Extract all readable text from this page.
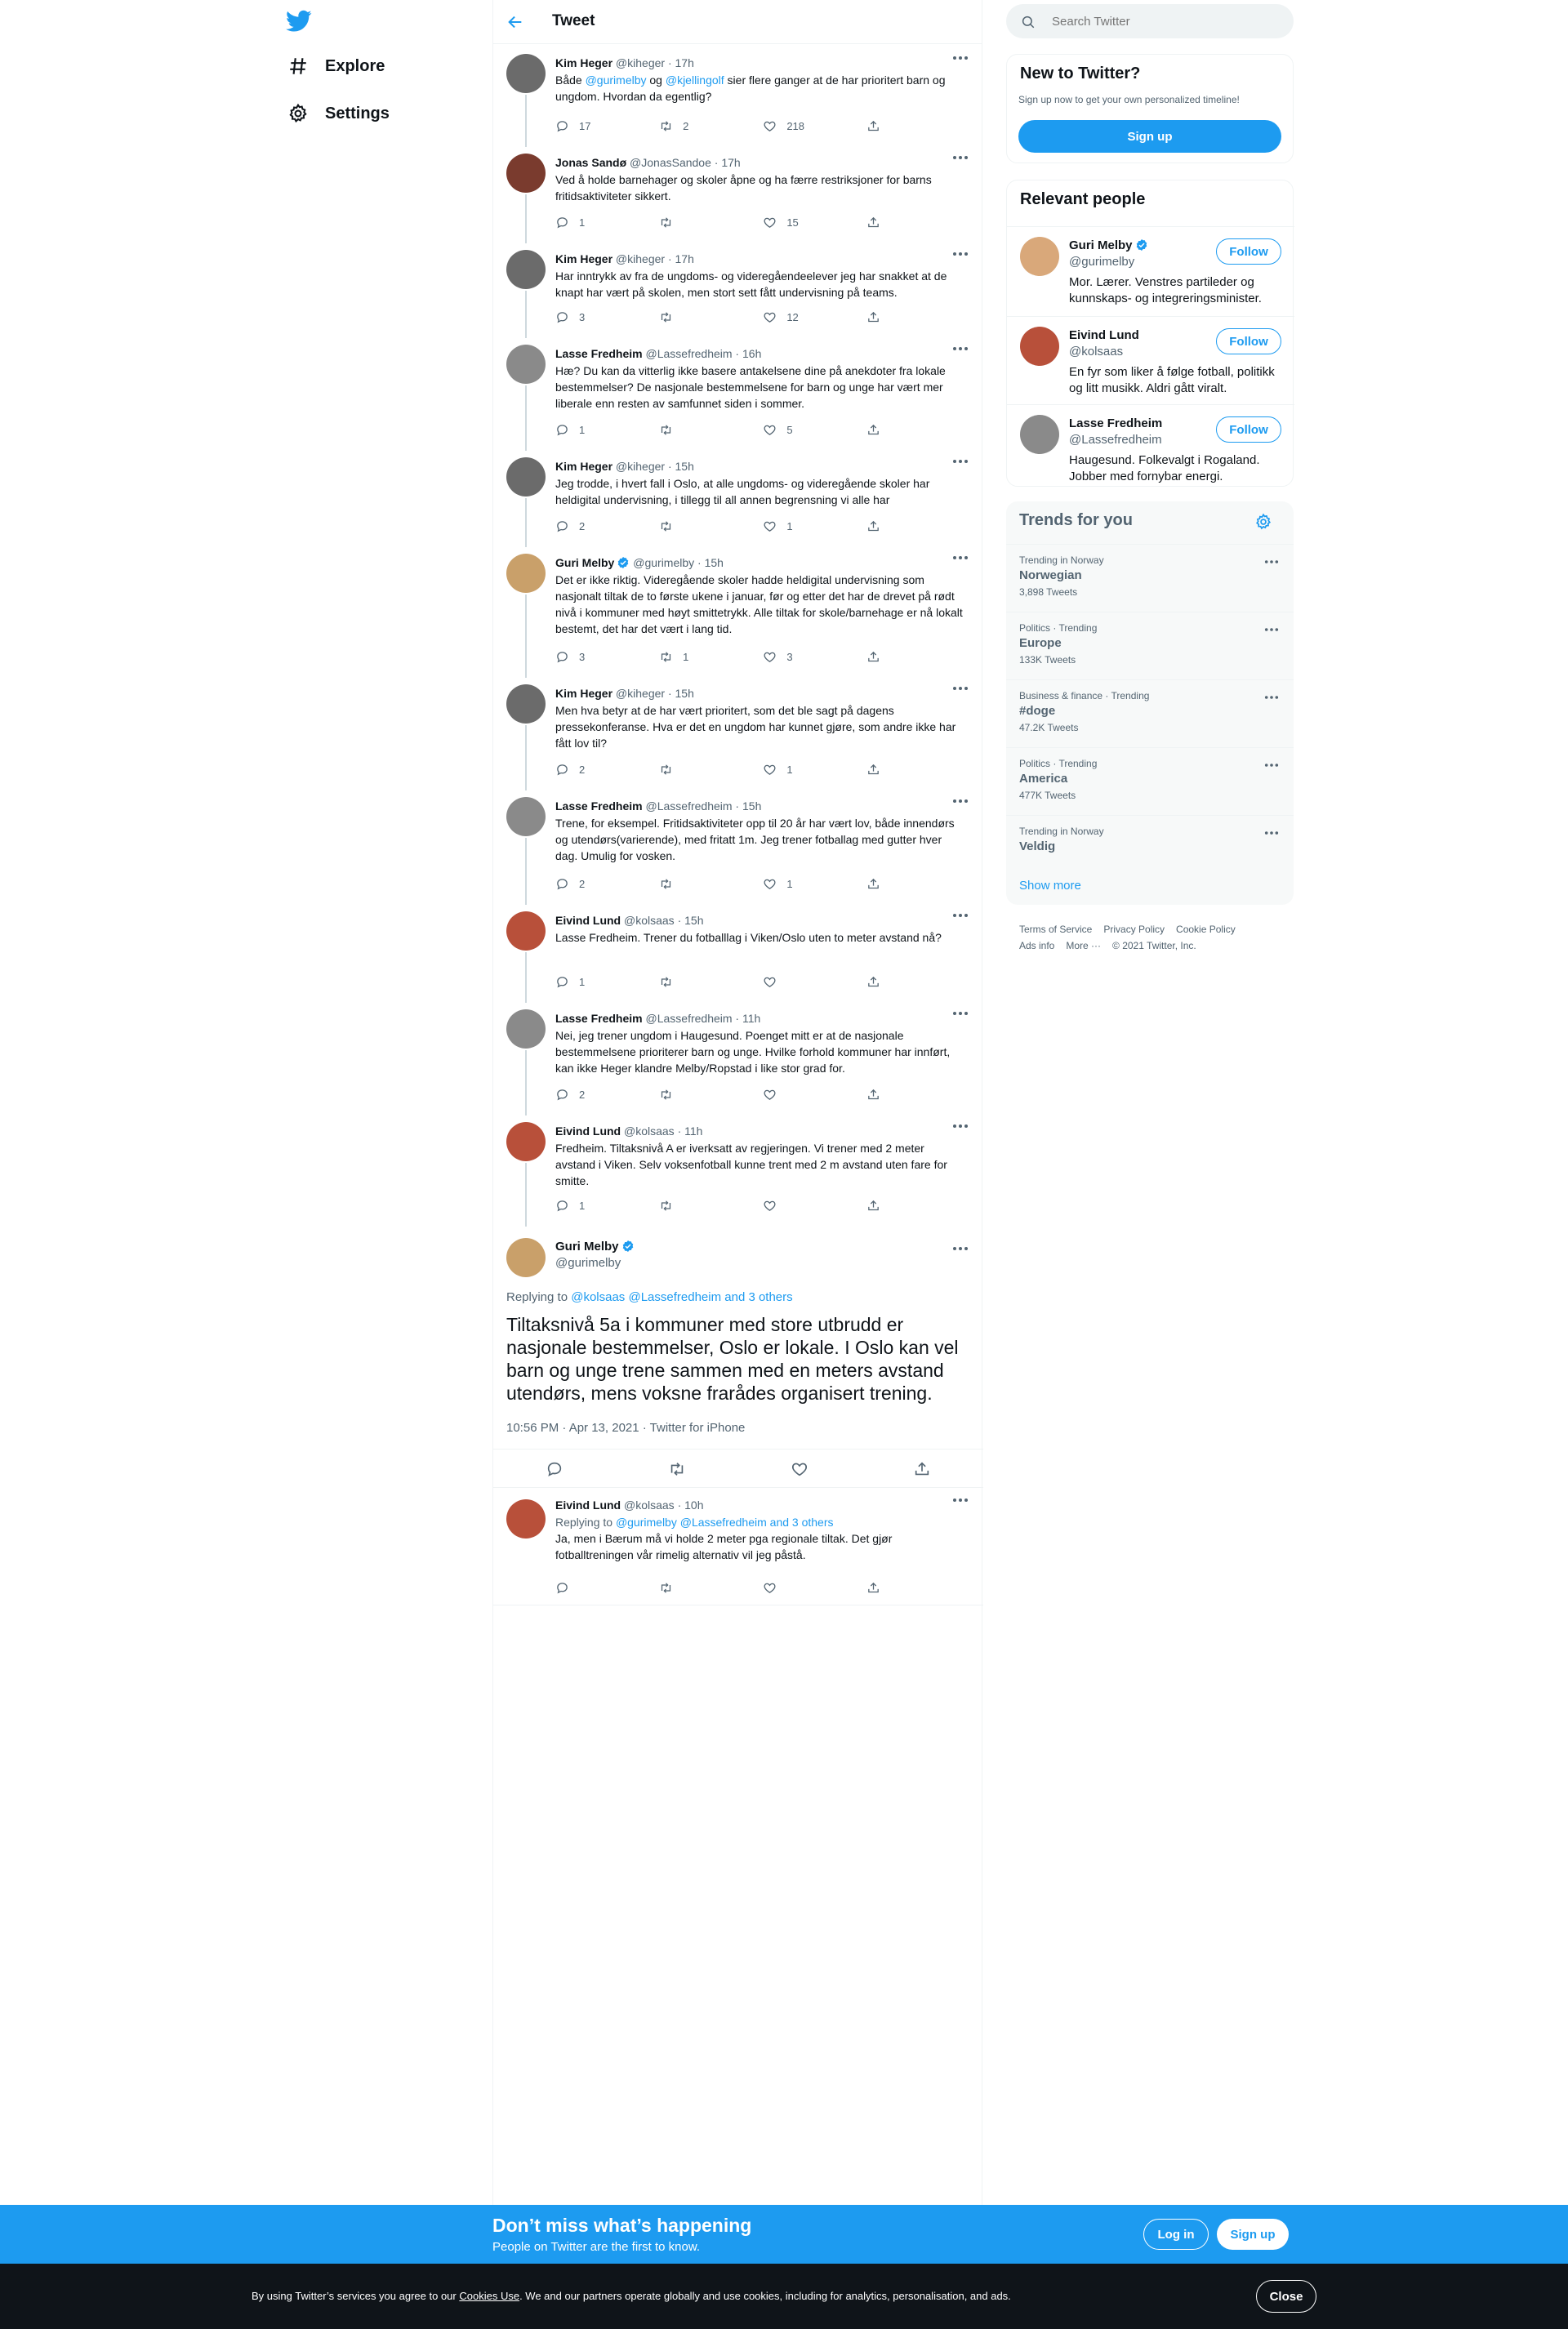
Explore
Settings
Tweet
Kim Heger @kiheger · 17h
Både @gurimelby og @kjellingolf sier flere ganger at de har prioritert barn og ungdom. Hvordan da egentlig?
17	2	218
Jonas Sandø @JonasSandoe · 17h
Ved å holde barnehager og skoler åpne og ha færre restriksjoner for barns fritidsaktiviteter sikkert.
1	15
Kim Heger @kiheger · 17h
Har inntrykk av fra de ungdoms- og videregåendeelever jeg har snakket at de knapt har vært på skolen, men stort sett fått undervisning på teams.
3	12
Lasse Fredheim @Lassefredheim · 16h
Hæ? Du kan da vitterlig ikke basere antakelsene dine på anekdoter fra lokale bestemmelser? De nasjonale bestemmelsene for barn og unge har vært mer liberale enn resten av samfunnet siden i sommer.
1	5
Kim Heger @kiheger · 15h
Jeg trodde, i hvert fall i Oslo, at alle ungdoms- og videregående skoler har heldigital undervisning, i tillegg til all annen begrensning vi alle har
2	1
Guri Melby @gurimelby · 15h
Det er ikke riktig. Videregående skoler hadde heldigital undervisning som nasjonalt tiltak de to første ukene i januar, før og etter det har de drevet på rødt nivå i kommuner med høyt smittetrykk. Alle tiltak for skole/barnehage er nå lokalt bestemt, det har det vært i lang tid.
3	1	3
Kim Heger @kiheger · 15h
Men hva betyr at de har vært prioritert, som det ble sagt på dagens pressekonferanse. Hva er det en ungdom har kunnet gjøre, som andre ikke har fått lov til?
2	1
Lasse Fredheim @Lassefredheim · 15h
Trene, for eksempel. Fritidsaktiviteter opp til 20 år har vært lov, både innendørs og utendørs(varierende), med fritatt 1m. Jeg trener fotballag med gutter hver dag. Umulig for vosken.
2	1
Eivind Lund @kolsaas · 15h
Lasse Fredheim. Trener du fotballlag i Viken/Oslo uten to meter avstand nå?
1
Lasse Fredheim @Lassefredheim · 11h
Nei, jeg trener ungdom i Haugesund. Poenget mitt er at de nasjonale bestemmelsene prioriterer barn og unge. Hvilke forhold kommuner har innført, kan ikke Heger klandre Melby/Ropstad i like stor grad for.
2
Eivind Lund @kolsaas · 11h
Fredheim. Tiltaksnivå A er iverksatt av regjeringen. Vi trener med 2 meter avstand i Viken. Selv voksenfotball kunne trent med 2 m avstand uten fare for smitte.
1
Guri Melby
@gurimelby
Replying to @kolsaas @Lassefredheim and 3 others
Tiltaksnivå 5a i kommuner med store utbrudd er nasjonale bestemmelser, Oslo er lokale. I Oslo kan vel barn og unge trene sammen med en meters avstand utendørs, mens voksne frarådes organisert trening.
10:56 PM · Apr 13, 2021 · Twitter for iPhone
Eivind Lund @kolsaas · 10h
Replying to @gurimelby @Lassefredheim and 3 others
Ja, men i Bærum må vi holde 2 meter pga regionale tiltak. Det gjør fotballtreningen vår rimelig alternativ vil jeg påstå.
Search Twitter
New to Twitter?
Sign up now to get your own personalized timeline!
Sign up
Relevant people
Guri Melby
@gurimelby
Mor. Lærer. Venstres partileder og kunnskaps- og integreringsminister.
Follow
Eivind Lund
@kolsaas
En fyr som liker å følge fotball, politikk og litt musikk. Aldri gått viralt.
Follow
Lasse Fredheim
@Lassefredheim
Haugesund. Folkevalgt i Rogaland. Jobber med fornybar energi.
Follow
Trends for you
Trending in Norway
Norwegian
3,898 Tweets
Politics · Trending
Europe
133K Tweets
Business & finance · Trending
#doge
47.2K Tweets
Politics · Trending
America
477K Tweets
Trending in Norway
Veldig
Show more
Terms of Service Privacy Policy Cookie Policy
Ads info More ··· © 2021 Twitter, Inc.
Don’t miss what’s happening
People on Twitter are the first to know.
Log in	Sign up
By using Twitter’s services you agree to our Cookies Use. We and our partners operate globally and use cookies, including for analytics, personalisation, and ads.	Close
